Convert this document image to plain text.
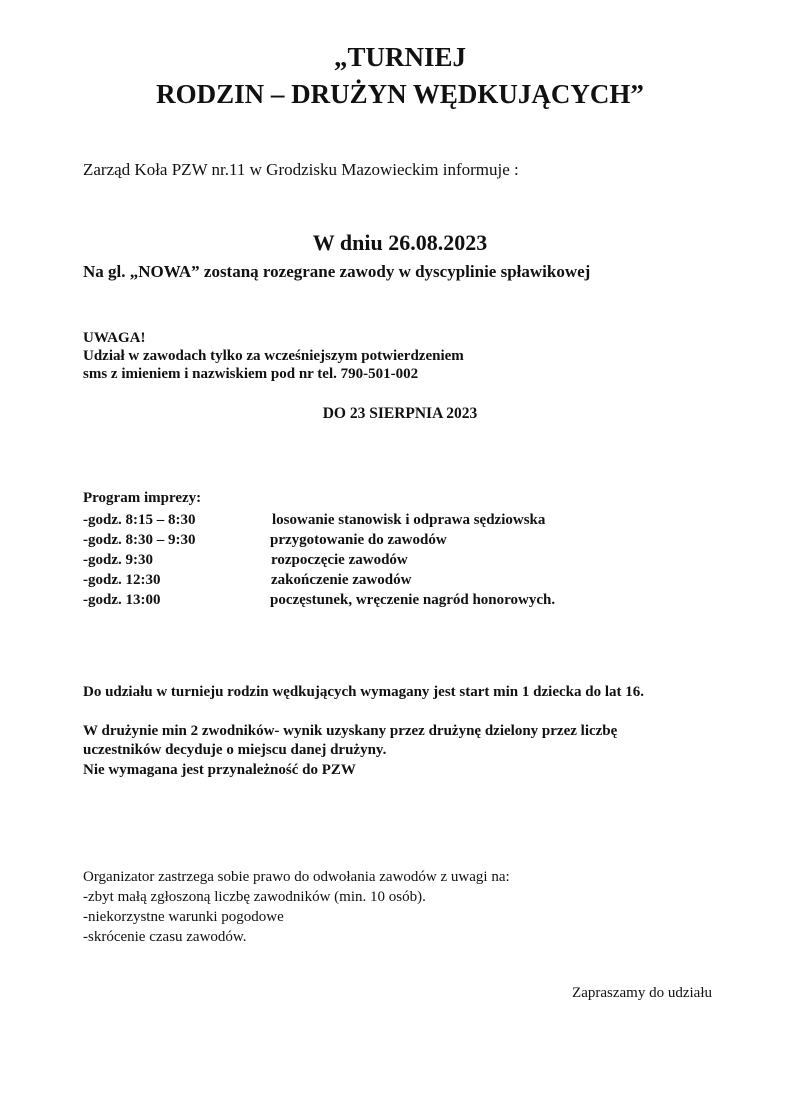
„TURNIEJ
RODZIN – DRUŻYN WĘDKUJĄCYCH”
Zarząd Koła PZW nr.11 w Grodzisku Mazowieckim informuje :
W dniu 26.08.2023
Na gl. „NOWA” zostaną rozegrane zawody w dyscyplinie spławikowej
UWAGA!
Udział w zawodach tylko za wcześniejszym potwierdzeniem
sms z imieniem i nazwiskiem pod nr tel. 790-501-002
DO 23 SIERPNIA 2023
Program imprezy:
-godz. 8:15 – 8:30	losowanie stanowisk i odprawa sędziowska
-godz. 8:30 – 9:30	przygotowanie do zawodów
-godz. 9:30	rozpoczęcie zawodów
-godz. 12:30	zakończenie zawodów
-godz. 13:00	poczęstunek, wręczenie nagród honorowych.
Do udziału w turnieju rodzin wędkujących wymagany jest start min 1 dziecka do lat 16.
W drużynie min 2 zwodników- wynik uzyskany przez drużynę dzielony przez liczbę
uczestników decyduje o miejscu danej drużyny.
Nie wymagana jest przynależność do PZW
Organizator zastrzega sobie prawo do odwołania zawodów z uwagi na:
-zbyt małą zgłoszoną liczbę zawodników (min. 10 osób).
-niekorzystne warunki pogodowe
-skrócenie czasu zawodów.
Zapraszamy do udziału
